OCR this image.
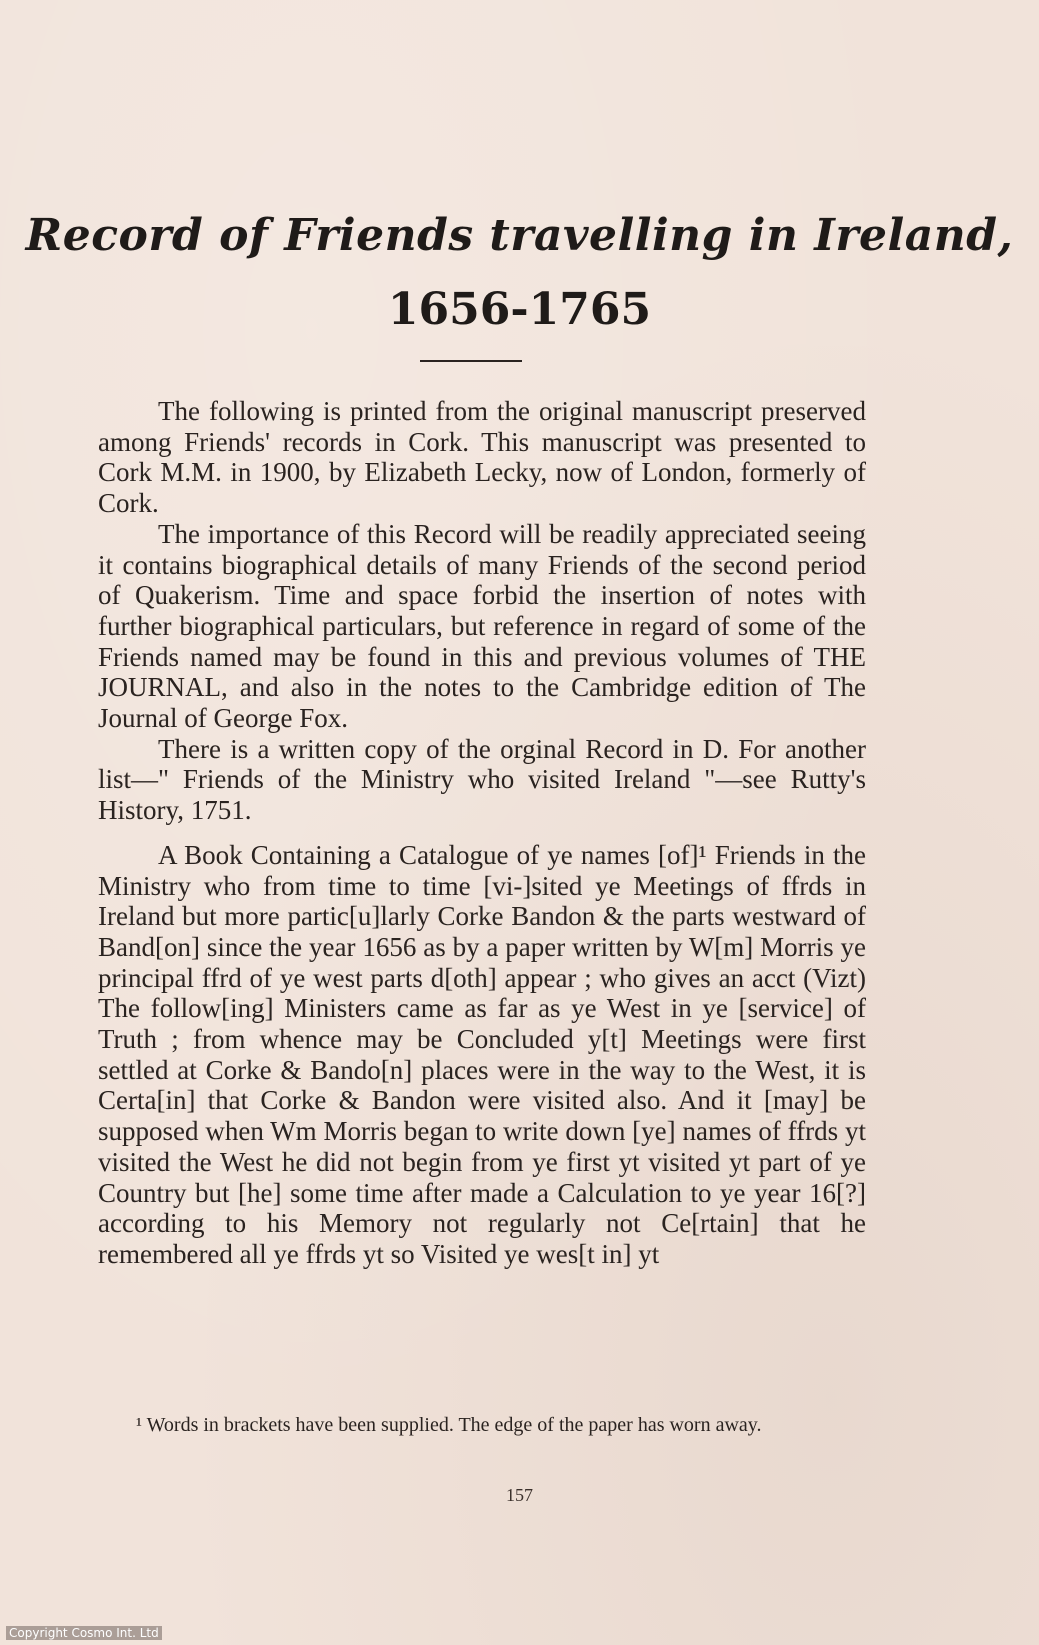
Record of Friends travelling in Ireland,
1656-1765

The following is printed from the original manuscript preserved among Friends' records in Cork. This manuscript was presented to Cork M.M. in 1900, by Elizabeth Lecky, now of London, formerly of Cork.

The importance of this Record will be readily appreciated seeing it contains biographical details of many Friends of the second period of Quakerism. Time and space forbid the insertion of notes with further biographical particulars, but reference in regard of some of the Friends named may be found in this and previous volumes of THE JOURNAL, and also in the notes to the Cambridge edition of The Journal of George Fox.

There is a written copy of the orginal Record in D. For another list—" Friends of the Ministry who visited Ireland "—see Rutty's History, 1751.

A Book Containing a Catalogue of ye names [of]¹ Friends in the Ministry who from time to time [vi-]sited ye Meetings of ffrds in Ireland but more partic[u]larly Corke Bandon & the parts westward of Band[on] since the year 1656 as by a paper written by W[m] Morris ye principal ffrd of ye west parts d[oth] appear ; who gives an acct (Vizt) The follow[ing] Ministers came as far as ye West in ye [service] of Truth ; from whence may be Concluded y[t] Meetings were first settled at Corke & Bando[n] places were in the way to the West, it is Certa[in] that Corke & Bandon were visited also. And it [may] be supposed when Wm Morris began to write down [ye] names of ffrds yt visited the West he did not begin from ye first yt visited yt part of ye Country but [he] some time after made a Calculation to ye year 16[?] according to his Memory not regularly not Ce[rtain] that he remembered all ye ffrds yt so Visited ye wes[t in] yt

¹ Words in brackets have been supplied. The edge of the paper has worn away.

157
Copyright Cosmo Int. Ltd
